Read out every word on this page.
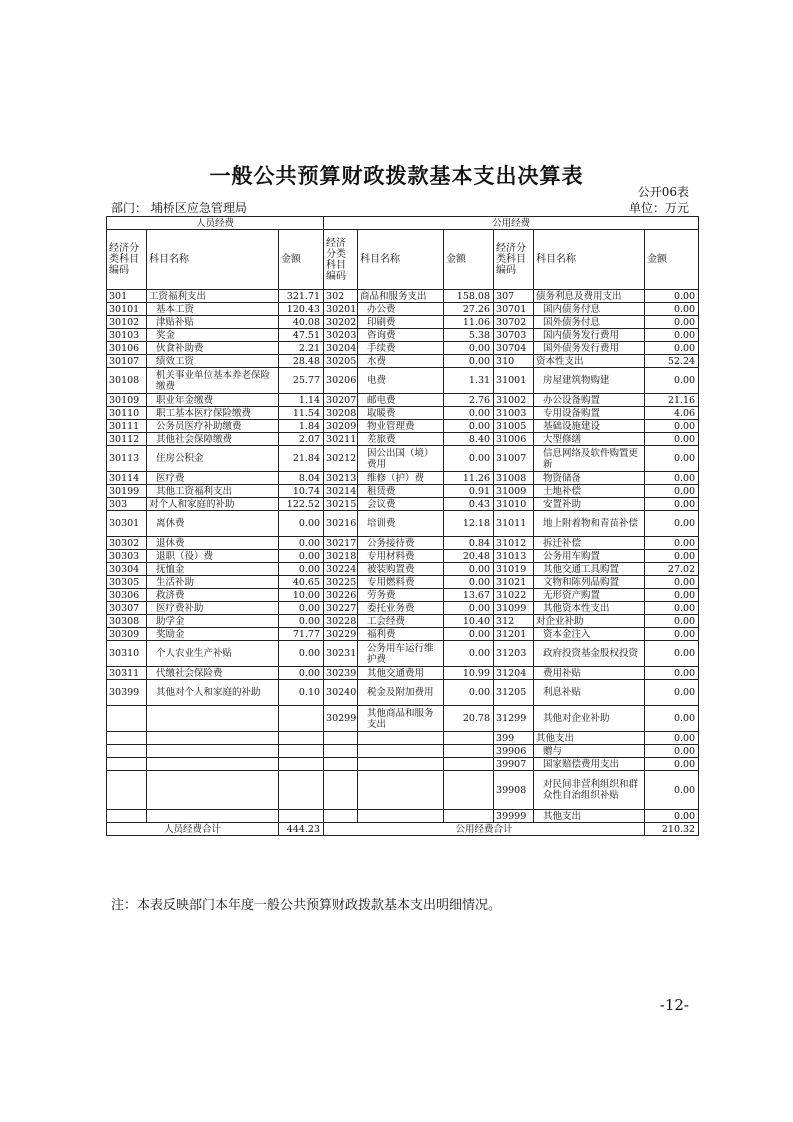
一般公共预算财政拨款基本支出决算表
公开06表
部门： 埔桥区应急管理局	单位：万元
人员经费			公用经费					
经济分类科目编码	科目名称	金额	经济分类科目编码	科目名称	金额	经济分类科目编码	科目名称	金额
301	工资福利支出	321.71	302	商品和服务支出	158.08	307	债务利息及费用支出	0.00
30101	基本工资	120.43	30201	办公费	27.26	30701	国内债务付息	0.00
30102	津贴补贴	40.08	30202	印刷费	11.06	30702	国外债务付息	0.00
30103	奖金	47.51	30203	咨询费	5.38	30703	国内债务发行费用	0.00
30106	伙食补助费	2.21	30204	手续费	0.00	30704	国外债务发行费用	0.00
30107	绩效工资	28.48	30205	水费	0.00	310	资本性支出	52.24
30108	机关事业单位基本养老保险缴费	25.77	30206	电费	1.31	31001	房屋建筑物购建	0.00
30109	职业年金缴费	1.14	30207	邮电费	2.76	31002	办公设备购置	21.16
30110	职工基本医疗保险缴费	11.54	30208	取暖费	0.00	31003	专用设备购置	4.06
30111	公务员医疗补助缴费	1.84	30209	物业管理费	0.00	31005	基础设施建设	0.00
30112	其他社会保障缴费	2.07	30211	差旅费	8.40	31006	大型修缮	0.00
30113	住房公积金	21.84	30212	因公出国（境）费用	0.00	31007	信息网络及软件购置更新	0.00
30114	医疗费	8.04	30213	维修（护）费	11.26	31008	物资储备	0.00
30199	其他工资福利支出	10.74	30214	租赁费	0.91	31009	土地补偿	0.00
303	对个人和家庭的补助	122.52	30215	会议费	0.43	31010	安置补助	0.00
30301	离休费	0.00	30216	培训费	12.18	31011	地上附着物和青苗补偿	0.00
30302	退休费	0.00	30217	公务接待费	0.84	31012	拆迁补偿	0.00
30303	退职（役）费	0.00	30218	专用材料费	20.48	31013	公务用车购置	0.00
30304	抚恤金	0.00	30224	被装购置费	0.00	31019	其他交通工具购置	27.02
30305	生活补助	40.65	30225	专用燃料费	0.00	31021	文物和陈列品购置	0.00
30306	救济费	10.00	30226	劳务费	13.67	31022	无形资产购置	0.00
30307	医疗费补助	0.00	30227	委托业务费	0.00	31099	其他资本性支出	0.00
30308	助学金	0.00	30228	工会经费	10.40	312	对企业补助	0.00
30309	奖励金	71.77	30229	福利费	0.00	31201	资本金注入	0.00
30310	个人农业生产补贴	0.00	30231	公务用车运行维护费	0.00	31203	政府投资基金股权投资	0.00
30311	代缴社会保险费	0.00	30239	其他交通费用	10.99	31204	费用补贴	0.00
30399	其他对个人和家庭的补助	0.10	30240	税金及附加费用	0.00	31205	利息补贴	0.00
			30299	其他商品和服务支出	20.78	31299	其他对企业补助	0.00
						399	其他支出	0.00
						39906	赠与	0.00
						39907	国家赔偿费用支出	0.00
						39908	对民间非营利组织和群众性自治组织补贴	0.00
						39999	其他支出	0.00
人员经费合计		444.23	公用经费合计					210.32
注：本表反映部门本年度一般公共预算财政拨款基本支出明细情况。
-12-
